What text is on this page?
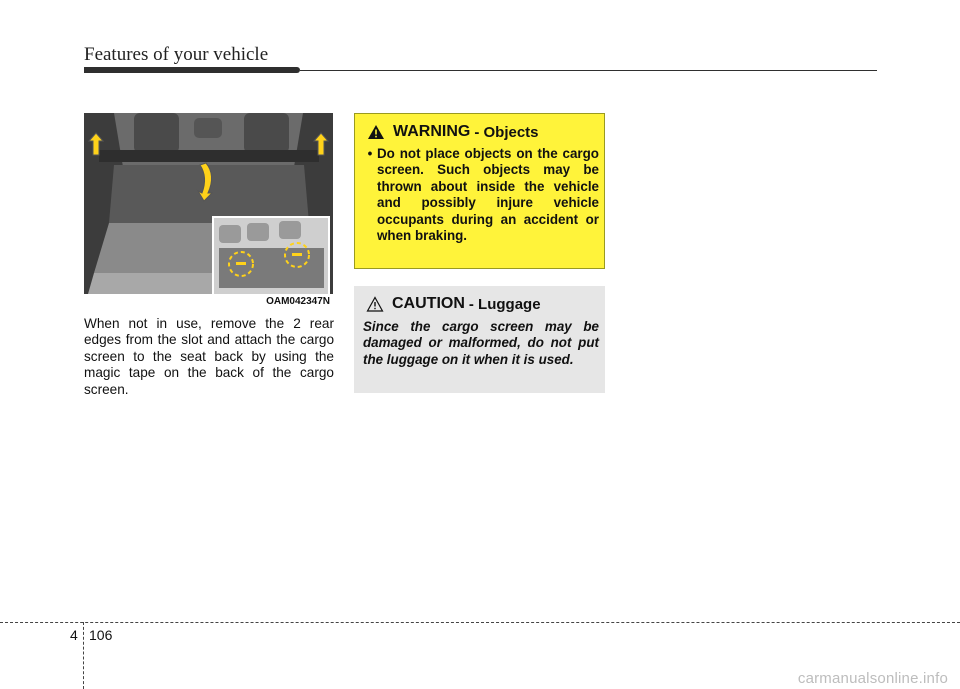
Features of your vehicle
OAM042347N
When not in use, remove the 2 rear edges from the slot and attach the cargo screen to the seat back by using the magic tape on the back of the cargo screen.
WARNING - Objects
• Do not place objects on the cargo screen. Such objects may be thrown about inside the vehicle and possibly injure vehicle occupants during an accident or when braking.
CAUTION - Luggage
Since the cargo screen may be damaged or malformed, do not put the luggage on it when it is used.
4 106
carmanualsonline.info
